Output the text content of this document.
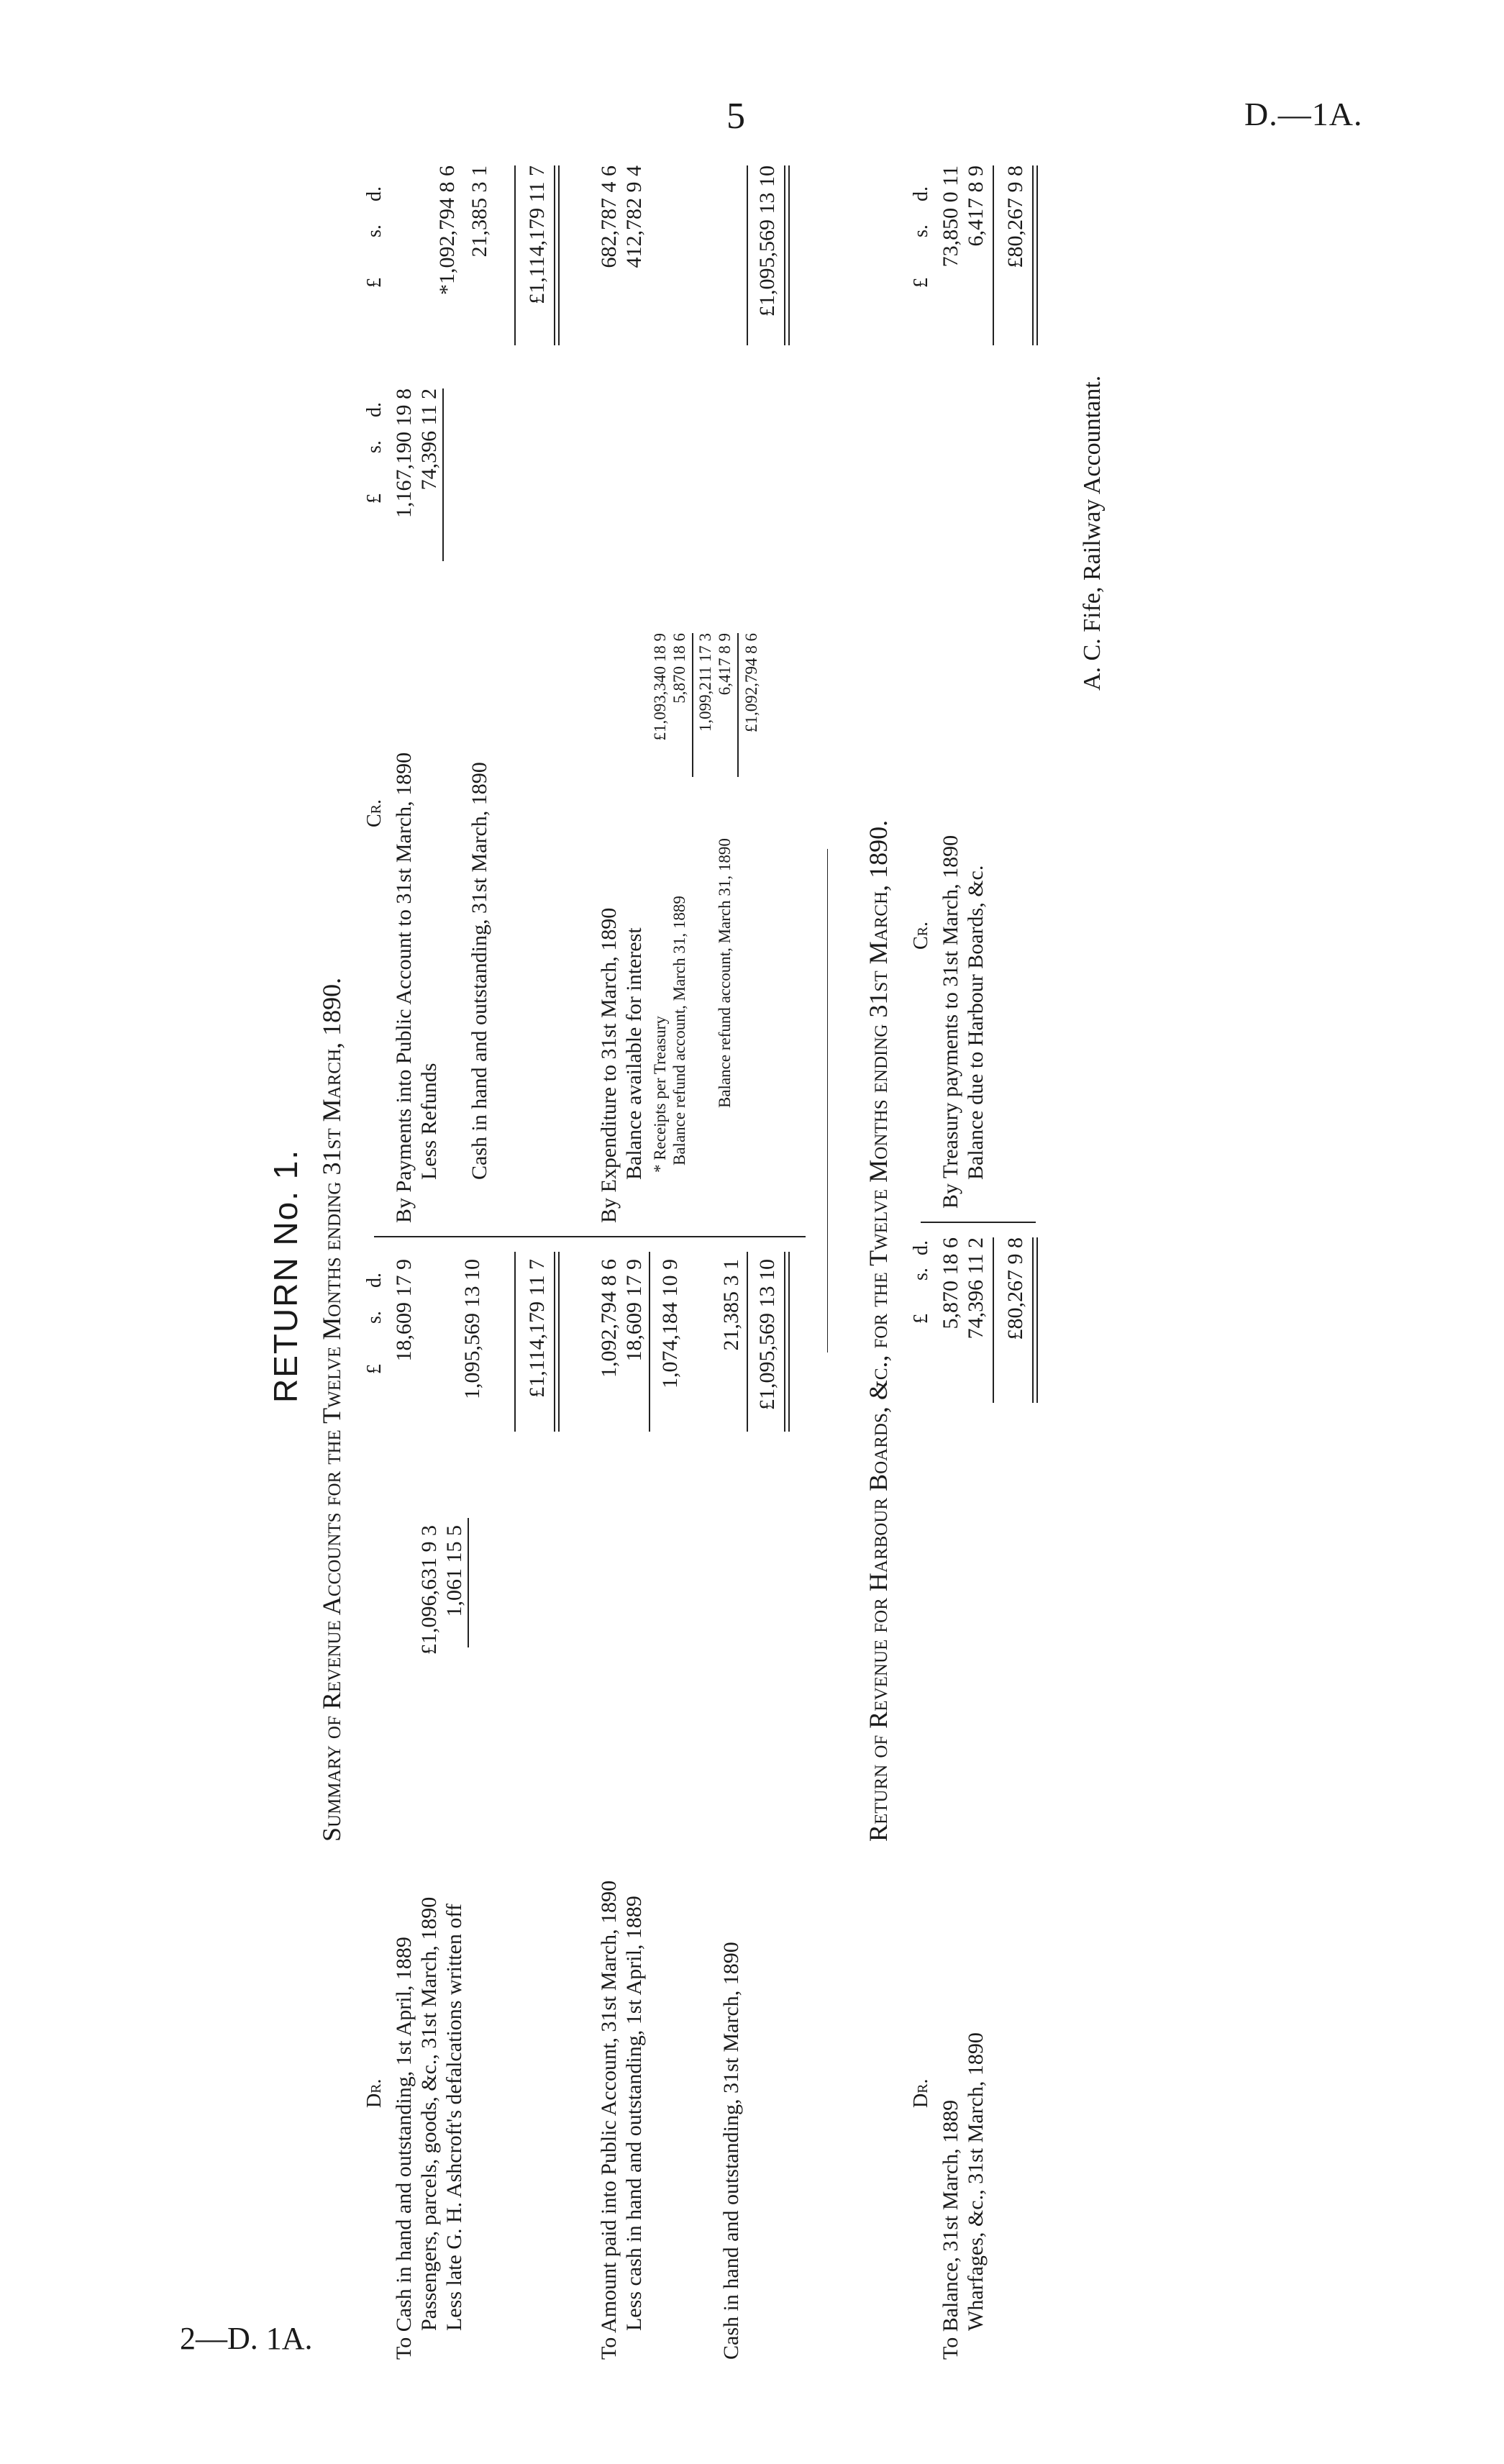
5	D.—1A.
RETURN No. 1. Summary of Revenue Accounts for the Twelve Months ending 31st March, 1890.
Dr.
£
s.
d.
To Cash in hand and outstanding, 1st April, 1889
18,609 17 9
Passengers, parcels, goods, &c., 31st March, 1890
£1,096,631 9 3
Less late G. H. Ashcroft's defalcations written off
1,061 15 5
1,095,569 13 10 £1,114,179 11 7
To Amount paid into Public Account, 31st March, 1890
1,092,794 8 6
Less cash in hand and outstanding, 1st April, 1889
18,609 17 9 1,074,184 10 9
Cash in hand and outstanding, 31st March, 1890
21,385 3 1 £1,095,569 13 10
Cr.
£
s.
d.
£
s.
d.
By Payments into Public Account to 31st March, 1890
1,167,190 19 8
Less Refunds
74,396 11 2
*1,092,794 8 6
Cash in hand and outstanding, 31st March, 1890
21,385 3 1 £1,114,179 11 7
By Expenditure to 31st March, 1890
682,787 4 6
Balance available for interest
412,782 9 4
* Receipts per Treasury
£1,093,340 18 9
Balance refund account, March 31, 1889
5,870 18 6 1,099,211 17 3
Balance refund account, March 31, 1890
6,417 8 9 £1,092,794 8 6
£1,095,569 13 10
Return of Revenue for Harbour Boards, &c., for the Twelve Months ending 31st March, 1890.
Dr.
£
s.
d.
To Balance, 31st March, 1889
5,870 18 6
Wharfages, &c., 31st March, 1890
74,396 11 2 £80,267 9 8
Cr.
£
s.
d.
By Treasury payments to 31st March, 1890
73,850 0 11
Balance due to Harbour Boards, &c.
6,417 8 9 £80,267 9 8
A. C. Fife, Railway Accountant.
2—D. 1A.
